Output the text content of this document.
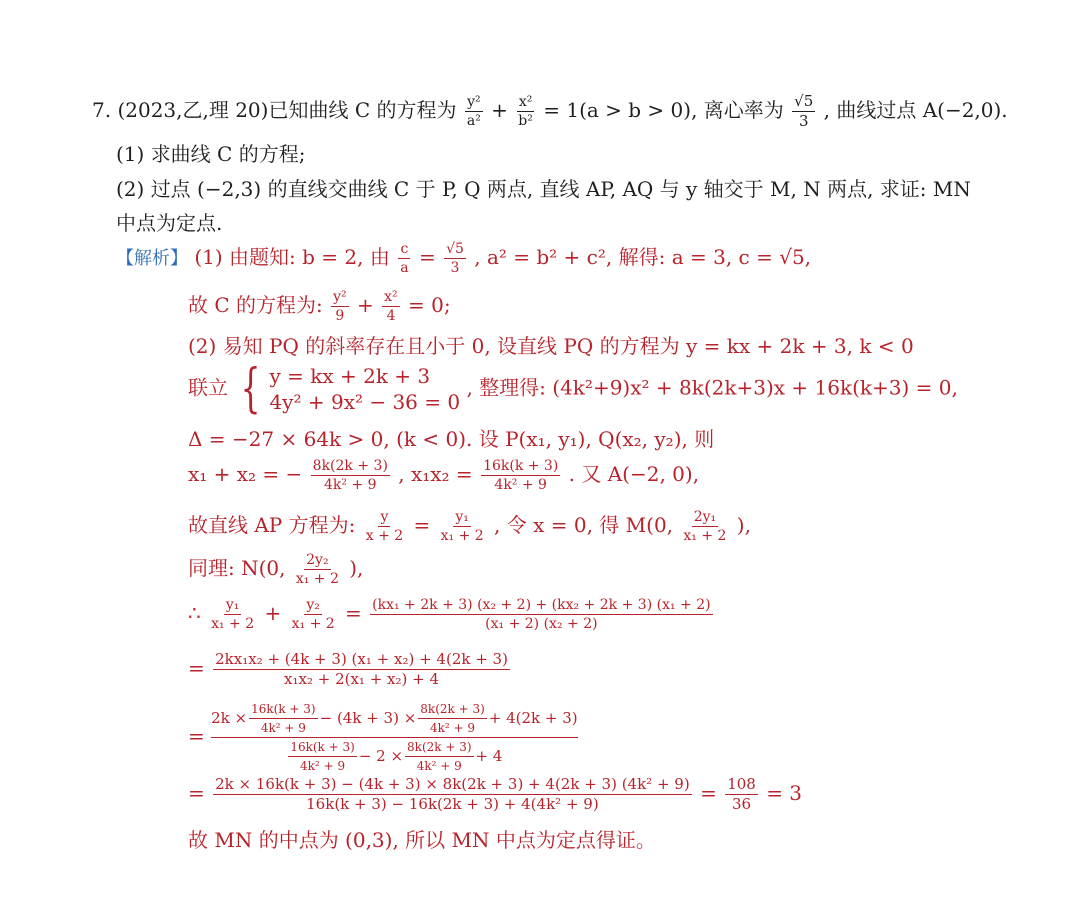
7. (2023,乙,理 20)已知曲线 C 的方程为 $\frac{\text{y²}}{\text{a²}} + \frac{\text{x²}}{\text{b²}} = 1(a > b > 0)$, 离心率为 $\frac{√5}{3}$ , 曲线过点 A(−2,0).
(1) 求曲线 C 的方程;
(2) 过点 (−2,3) 的直线交曲线 C 于 P, Q 两点, 直线 AP, AQ 与 y 轴交于 M, N 两点, 求证: MN
中点为定点.
【解析】 (1) 由题知: b = 2, 由 $\frac{c}{a} = \frac{√5}{3}$ , a² = b² + c², 解得: a = 3, c = √5,
故 C 的方程为: $\frac{\text{y²}}{9} + \frac{\text{x²}}{4} = 0$;
(2) 易知 PQ 的斜率存在且小于 0, 设直线 PQ 的方程为 y = kx + 2k + 3, k < 0
联立 { y = kx + 2k + 3
4y² + 9x² − 36 = 0
, 整理得: (4k²+9)x² + 8k(2k+3)x + 16k(k+3) = 0,
Δ = −27 × 64k > 0, (k < 0). 设 P(x₁, y₁), Q(x₂, y₂), 则
x₁ + x₂ = − $\frac{8k(2k + 3)}{\text{4k² + 9}}$ , $x_1x_2 = \frac{16k(k + 3)}{\text{4k² + 9}}$ . 又 A(−2, 0),
故直线 AP 方程为: $\frac{y}{x + 2} = \frac{\text{y₁}}{\text{x₁ + 2}}$ , 令 x = 0, 得 M(0, $\frac{\text{2y₁}}{\text{x₁ + 2}}$ ),
同理: N(0, $\frac{\text{2y₂}}{\text{x₁ + 2}}$ ),
∴ $\frac{\text{y₁}}{\text{x₁ + 2}} + \frac{\text{y₂}}{\text{x₁ + 2}} = \frac{\text{(kx₁ + 2k + 3) (x₂ + 2) + (kx₂ + 2k + 3) (x₁ + 2)}}{\text{(x₁ + 2) (x₂ + 2)}}$
= $\frac{\text{2kx₁x₂ + (4k + 3) (x₁ + x₂) + 4(2k + 3)}}{\text{x₁x₂ + 2(x₁ + x₂) + 4}}$
=
$2k \times \frac{16k(k + 3)}{\text{4k² + 9}} - (4k + 3) \times \frac{8k(2k + 3)}{\text{4k² + 9}} + 4(2k + 3)$
$\frac{16k(k + 3)}{\text{4k² + 9}} - 2 \times \frac{8k(2k + 3)}{\text{4k² + 9}} + 4$
= 2k × 16k(k + 3) − (4k + 3) × 8k(2k + 3) + 4(2k + 3) (4k² + 9)
16k(k + 3) − 16k(2k + 3) + 4(4k² + 9)	= $\frac{108}{36} = 3$
故 MN 的中点为 (0,3), 所以 MN 中点为定点得证。
